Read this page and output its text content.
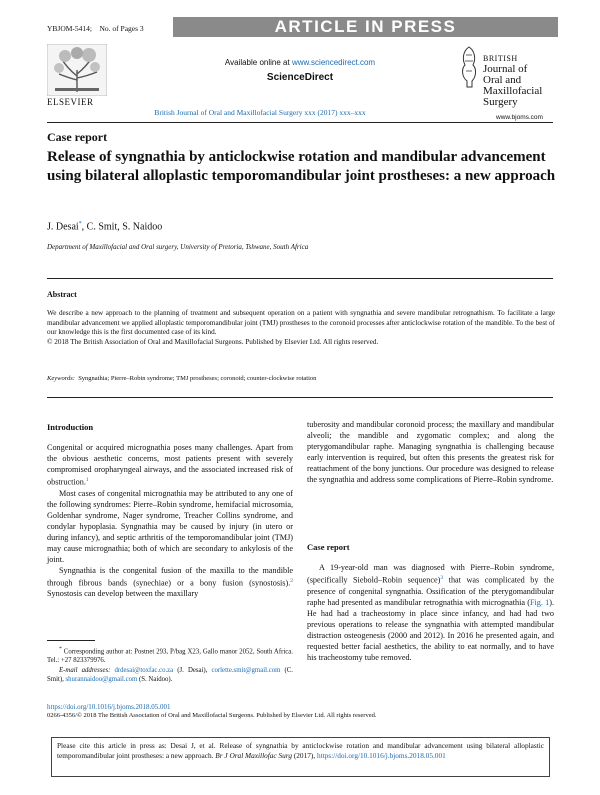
YBJOM-5414; No. of Pages 3	ARTICLE IN PRESS
ELSEVIER
Available online at www.sciencedirect.com
ScienceDirect
British Journal of Oral and Maxillofacial Surgery xxx (2017) xxx–xxx
BRITISH
Journal of
Oral and
Maxillofacial
Surgery
www.bjoms.com
Case report
Release of syngnathia by anticlockwise rotation and mandibular advancement using bilateral alloplastic temporomandibular joint prostheses: a new approach
J. Desai*, C. Smit, S. Naidoo
Department of Maxillofacial and Oral surgery, University of Pretoria, Tshwane, South Africa
Abstract
We describe a new approach to the planning of treatment and subsequent operation on a patient with syngnathia and severe mandibular retrognathism. To facilitate a large mandibular advancement we applied alloplastic temporomandibular joint (TMJ) prostheses to the coronoid processes after anticlockwise rotation of the mandible. To the best of our knowledge this is the first documented case of its kind.
© 2018 The British Association of Oral and Maxillofacial Surgeons. Published by Elsevier Ltd. All rights reserved.
Keywords: Syngnathia; Pierre–Robin syndrome; TMJ prostheses; coronoid; counter-clockwise rotation

Introduction

Congenital or acquired micrognathia poses many challenges. Apart from the obvious aesthetic concerns, most patients present with severely compromised oropharyngeal airways, and the associated increased risk of obstruction.$^1$

Most cases of congenital micrognathia may be attributed to any one of the following syndromes: Pierre–Robin syndrome, hemifacial microsomia, Goldenhar syndrome, Nager syndrome, Treacher Collins syndrome, and condylar hypoplasia. Syngnathia may be caused by injury (in utero or during infancy), and septic arthritis of the temporomandibular joint (TMJ) may cause micrognathia; both of which are secondary to ankylosis of the joint.

Syngnathia is the congenital fusion of the maxilla to the mandible through fibrous bands (synechiae) or a bony fusion (synostosis).$^2$ Synostosis can develop between the maxillary

* Corresponding author at: Postnet 293, P/bag X23, Gallo manor 2052, South Africa. Tel.: +27 823379976.

E-mail addresses: drdesai@toxfac.co.za (J. Desai), corlette.smit@gmail.com (C. Smit), shurannaidoo@gmail.com (S. Naidoo).

tuberosity and mandibular coronoid process; the maxillary and mandibular alveoli; the mandible and zygomatic complex; and along the pterygomandibular raphe. Managing syngnathia is challenging because early intervention is required, but often this presents the greatest risk for reattachment of the bony junctions. Our procedure was designed to release the syngnathia and address some complications of Pierre–Robin syndrome.

Case report

A 19-year-old man was diagnosed with Pierre–Robin syndrome, (specifically Siebold–Robin sequence)$^3$ that was complicated by the presence of congenital syngnathia. Ossification of the pterygomandibular raphe had presented as mandibular retrognathia with micrognathia (Fig. 1). He had had a tracheostomy in place since infancy, and had had two previous operations to release the syngnathia with attempted mandibular distraction osteogenesis (2000 and 2012). In 2016 he presented again, and requested better facial aesthetics, the ability to eat normally, and to have his tracheostomy tube removed.

https://doi.org/10.1016/j.bjoms.2018.05.001
0266-4356/© 2018 The British Association of Oral and Maxillofacial Surgeons. Published by Elsevier Ltd. All rights reserved.
Please cite this article in press as: Desai J, et al. Release of syngnathia by anticlockwise rotation and mandibular advancement using bilateral alloplastic temporomandibular joint prostheses: a new approach. Br J Oral Maxillofac Surg (2017), https://doi.org/10.1016/j.bjoms.2018.05.001
